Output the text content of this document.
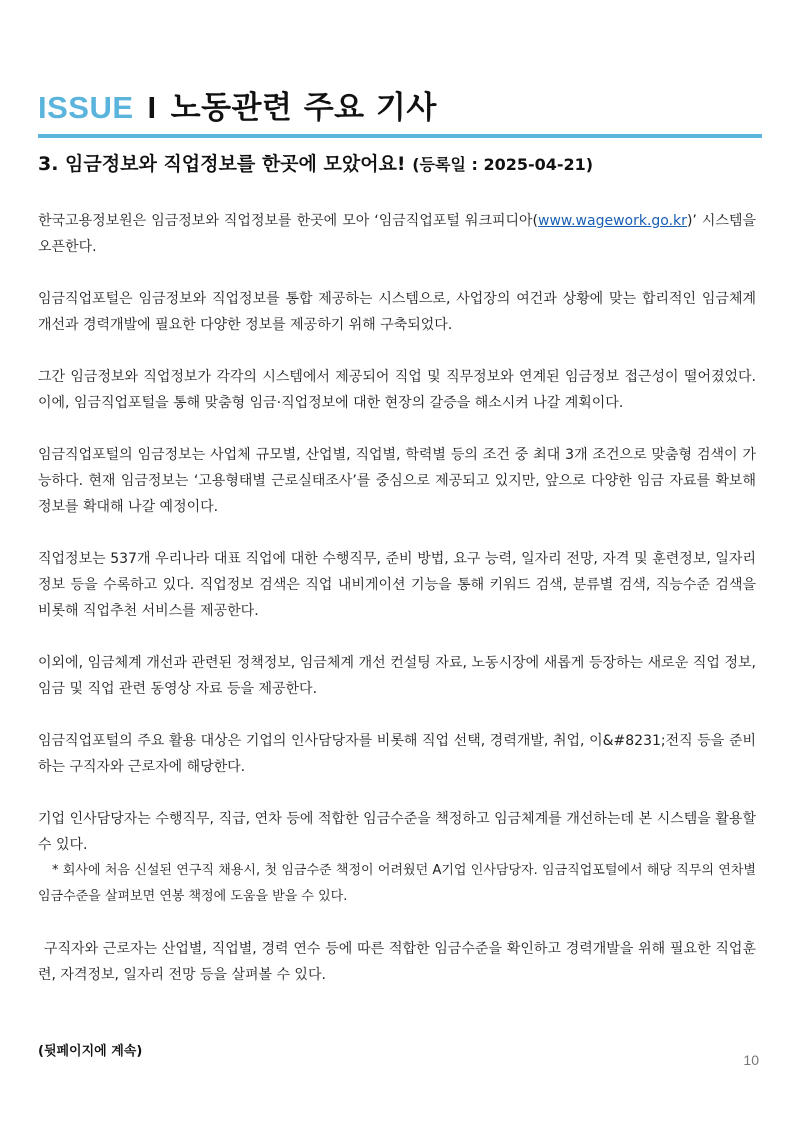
ISSUE I 노동관련 주요 기사
3. 임금정보와 직업정보를 한곳에 모았어요! (등록일 : 2025-04-21)

한국고용정보원은 임금정보와 직업정보를 한곳에 모아 ‘임금직업포털 워크피디아(www.wagework.go.kr)’ 시스템을 오픈한다.

임금직업포털은 임금정보와 직업정보를 통합 제공하는 시스템으로, 사업장의 여건과 상황에 맞는 합리적인 임금체계 개선과 경력개발에 필요한 다양한 정보를 제공하기 위해 구축되었다.

그간 임금정보와 직업정보가 각각의 시스템에서 제공되어 직업 및 직무정보와 연계된 임금정보 접근성이 떨어졌었다. 이에, 임금직업포털을 통해 맞춤형 임금·직업정보에 대한 현장의 갈증을 해소시켜 나갈 계획이다.

임금직업포털의 임금정보는 사업체 규모별, 산업별, 직업별, 학력별 등의 조건 중 최대 3개 조건으로 맞춤형 검색이 가능하다. 현재 임금정보는 ‘고용형태별 근로실태조사’를 중심으로 제공되고 있지만, 앞으로 다양한 임금 자료를 확보해 정보를 확대해 나갈 예정이다.

직업정보는 537개 우리나라 대표 직업에 대한 수행직무, 준비 방법, 요구 능력, 일자리 전망, 자격 및 훈련정보, 일자리 정보 등을 수록하고 있다. 직업정보 검색은 직업 내비게이션 기능을 통해 키워드 검색, 분류별 검색, 직능수준 검색을 비롯해 직업추천 서비스를 제공한다.

이외에, 임금체계 개선과 관련된 정책정보, 임금체계 개선 컨설팅 자료, 노동시장에 새롭게 등장하는 새로운 직업 정보, 임금 및 직업 관련 동영상 자료 등을 제공한다.

임금직업포털의 주요 활용 대상은 기업의 인사담당자를 비롯해 직업 선택, 경력개발, 취업, 이&#8231;전직 등을 준비하는 구직자와 근로자에 해당한다.

기업 인사담당자는 수행직무, 직급, 연차 등에 적합한 임금수준을 책정하고 임금체계를 개선하는데 본 시스템을 활용할 수 있다.

* 회사에 처음 신설된 연구직 채용시, 첫 임금수준 책정이 어려웠던 A기업 인사담당자. 임금직업포털에서 해당 직무의 연차별 임금수준을 살펴보면 연봉 책정에 도움을 받을 수 있다.

구직자와 근로자는 산업별, 직업별, 경력 연수 등에 따른 적합한 임금수준을 확인하고 경력개발을 위해 필요한 직업훈련, 자격정보, 일자리 전망 등을 살펴볼 수 있다.

(뒷페이지에 계속)
10
